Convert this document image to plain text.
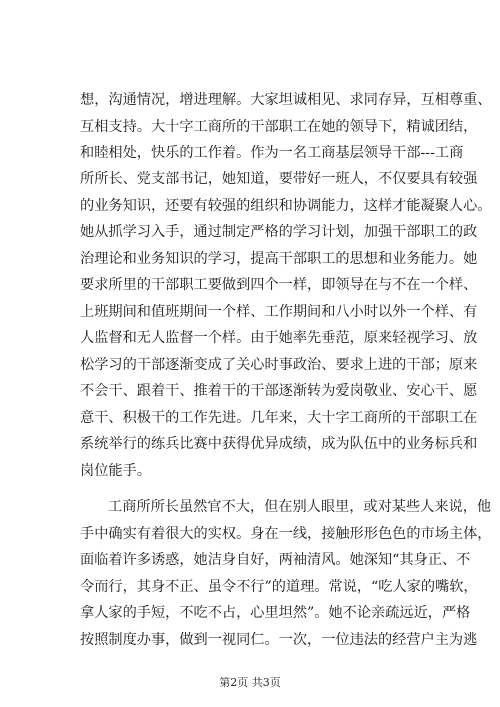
想，沟通情况，增进理解。大家坦诚相见、求同存异，互相尊重、
互相支持。大十字工商所的干部职工在她的领导下，精诚团结，
和睦相处，快乐的工作着。作为一名工商基层领导干部---工商
所所长、党支部书记，她知道，要带好一班人，不仅要具有较强
的业务知识，还要有较强的组织和协调能力，这样才能凝聚人心。
她从抓学习入手，通过制定严格的学习计划，加强干部职工的政
治理论和业务知识的学习，提高干部职工的思想和业务能力。她
要求所里的干部职工要做到四个一样，即领导在与不在一个样、
上班期间和值班期间一个样、工作期间和八小时以外一个样、有
人监督和无人监督一个样。由于她率先垂范，原来轻视学习、放
松学习的干部逐渐变成了关心时事政治、要求上进的干部；原来
不会干、跟着干、推着干的干部逐渐转为爱岗敬业、安心干、愿
意干、积极干的工作先进。几年来，大十字工商所的干部职工在
系统举行的练兵比赛中获得优异成绩，成为队伍中的业务标兵和
岗位能手。
工商所所长虽然官不大，但在别人眼里，或对某些人来说，他
手中确实有着很大的实权。身在一线，接触形形色色的市场主体，
面临着许多诱惑，她洁身自好，两袖清风。她深知“其身正、不
令而行，其身不正、虽令不行”的道理。常说，“吃人家的嘴软，
拿人家的手短，不吃不占，心里坦然”。她不论亲疏远近，严格
按照制度办事，做到一视同仁。一次，一位违法的经营户主为逃
第2页 共3页
